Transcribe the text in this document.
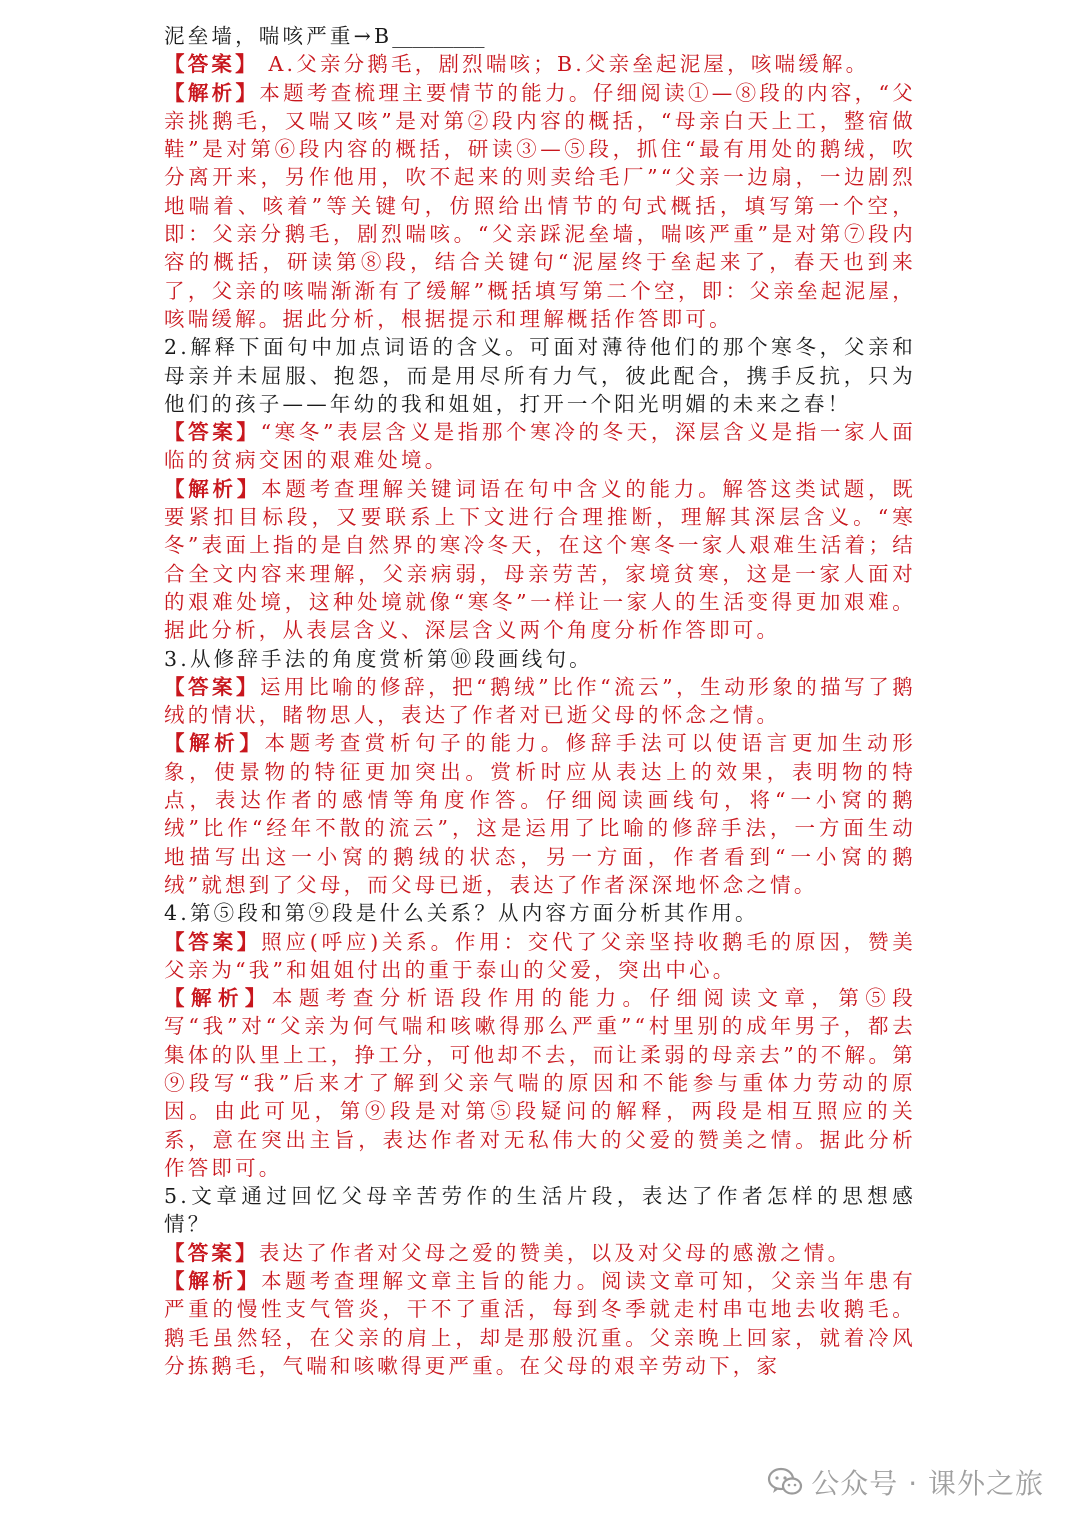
泥垒墙，喘咳严重→B_________

【答案】 A.父亲分鹅毛，剧烈喘咳；B.父亲垒起泥屋，咳喘缓解。

【解析】本题考查梳理主要情节的能力。仔细阅读①—⑧段的内容，“父亲挑鹅毛，又喘又咳”是对第②段内容的概括，“母亲白天上工，整宿做鞋”是对第⑥段内容的概括，研读③—⑤段，抓住“最有用处的鹅绒，吹分离开来，另作他用，吹不起来的则卖给毛厂”“父亲一边扇，一边剧烈地喘着、咳着”等关键句，仿照给出情节的句式概括，填写第一个空，即：父亲分鹅毛，剧烈喘咳。“父亲踩泥垒墙，喘咳严重”是对第⑦段内容的概括，研读第⑧段，结合关键句“泥屋终于垒起来了，春天也到来了，父亲的咳喘渐渐有了缓解”概括填写第二个空，即：父亲垒起泥屋，咳喘缓解。据此分析，根据提示和理解概括作答即可。

2.解释下面句中加点词语的含义。可面对薄待他们的那个寒冬，父亲和母亲并未屈服、抱怨，而是用尽所有力气，彼此配合，携手反抗，只为他们的孩子——年幼的我和姐姐，打开一个阳光明媚的未来之春！

【答案】“寒冬”表层含义是指那个寒冷的冬天，深层含义是指一家人面临的贫病交困的艰难处境。

【解析】本题考查理解关键词语在句中含义的能力。解答这类试题，既要紧扣目标段，又要联系上下文进行合理推断，理解其深层含义。“寒冬”表面上指的是自然界的寒冷冬天，在这个寒冬一家人艰难生活着；结合全文内容来理解，父亲病弱，母亲劳苦，家境贫寒，这是一家人面对的艰难处境，这种处境就像“寒冬”一样让一家人的生活变得更加艰难。据此分析，从表层含义、深层含义两个角度分析作答即可。

3.从修辞手法的角度赏析第⑩段画线句。

【答案】运用比喻的修辞，把“鹅绒”比作“流云”，生动形象的描写了鹅绒的情状，睹物思人，表达了作者对已逝父母的怀念之情。

【解析】本题考查赏析句子的能力。修辞手法可以使语言更加生动形象，使景物的特征更加突出。赏析时应从表达上的效果，表明物的特点，表达作者的感情等角度作答。仔细阅读画线句，将“一小窝的鹅绒”比作“经年不散的流云”，这是运用了比喻的修辞手法，一方面生动地描写出这一小窝的鹅绒的状态，另一方面，作者看到“一小窝的鹅绒”就想到了父母，而父母已逝，表达了作者深深地怀念之情。

4.第⑤段和第⑨段是什么关系？从内容方面分析其作用。

【答案】照应(呼应)关系。作用：交代了父亲坚持收鹅毛的原因，赞美父亲为“我”和姐姐付出的重于泰山的父爱，突出中心。

【解析】本题考查分析语段作用的能力。仔细阅读文章，第⑤段写“我”对“父亲为何气喘和咳嗽得那么严重”“村里别的成年男子，都去集体的队里上工，挣工分，可他却不去，而让柔弱的母亲去”的不解。第⑨段写“我”后来才了解到父亲气喘的原因和不能参与重体力劳动的原因。由此可见，第⑨段是对第⑤段疑问的解释，两段是相互照应的关系，意在突出主旨，表达作者对无私伟大的父爱的赞美之情。据此分析作答即可。

5.文章通过回忆父母辛苦劳作的生活片段，表达了作者怎样的思想感情？

【答案】表达了作者对父母之爱的赞美，以及对父母的感激之情。

【解析】本题考查理解文章主旨的能力。阅读文章可知，父亲当年患有严重的慢性支气管炎，干不了重活，每到冬季就走村串屯地去收鹅毛。鹅毛虽然轻，在父亲的肩上，却是那般沉重。父亲晚上回家，就着冷风分拣鹅毛，气喘和咳嗽得更严重。在父母的艰辛劳动下，家

公众号 · 课外之旅
